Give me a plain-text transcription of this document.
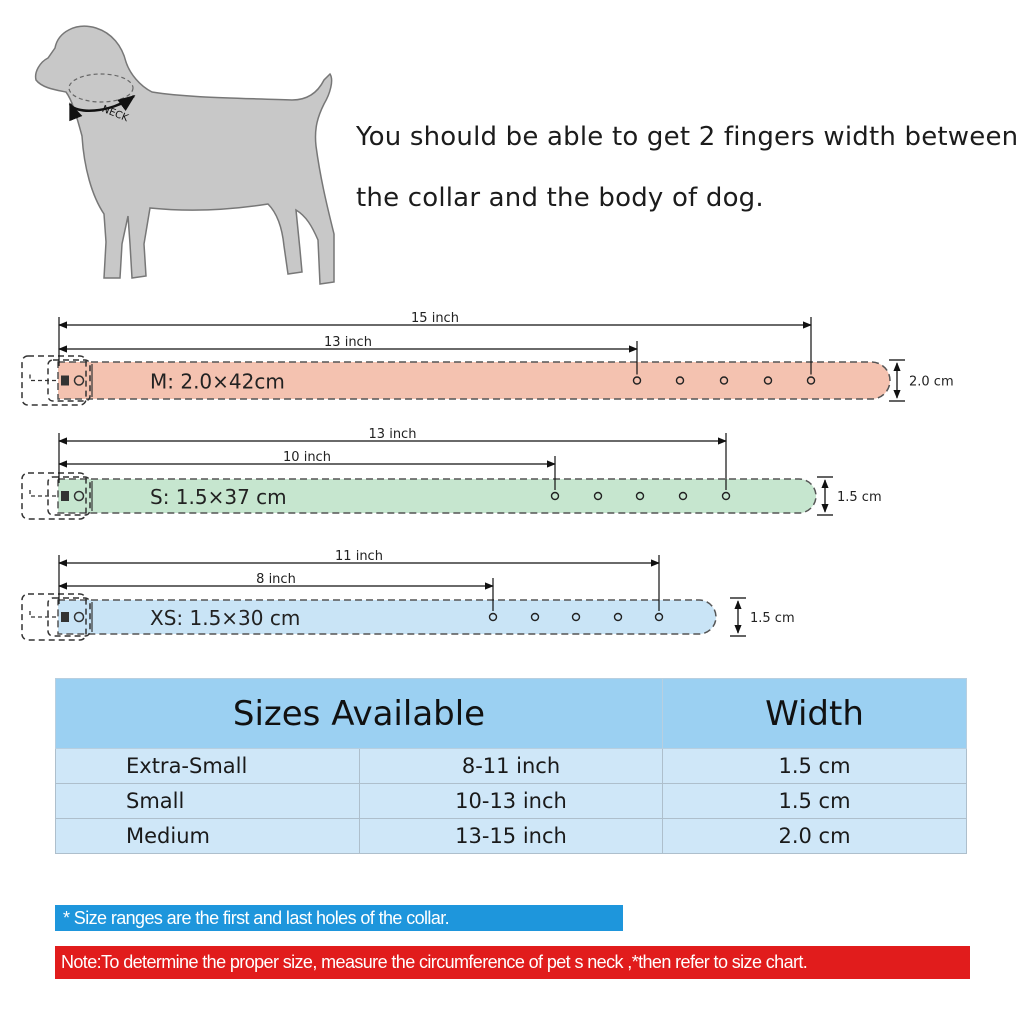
NECK
M: 2.0×42cm
15 inch
13 inch
2.0 cm
S: 1.5×37 cm
13 inch
10 inch
1.5 cm
XS: 1.5×30 cm
11 inch
8 inch
1.5 cm
You should be able to get 2 fingers width between
the collar and the body of dog.
Sizes Available		Width
Extra-Small	8-11 inch	1.5 cm
Small	10-13 inch	1.5 cm
Medium	13-15 inch	2.0 cm
* Size ranges are the first and last holes of the collar.
Note:To determine the proper size, measure the circumference of pet s neck ,*then refer to size chart.
